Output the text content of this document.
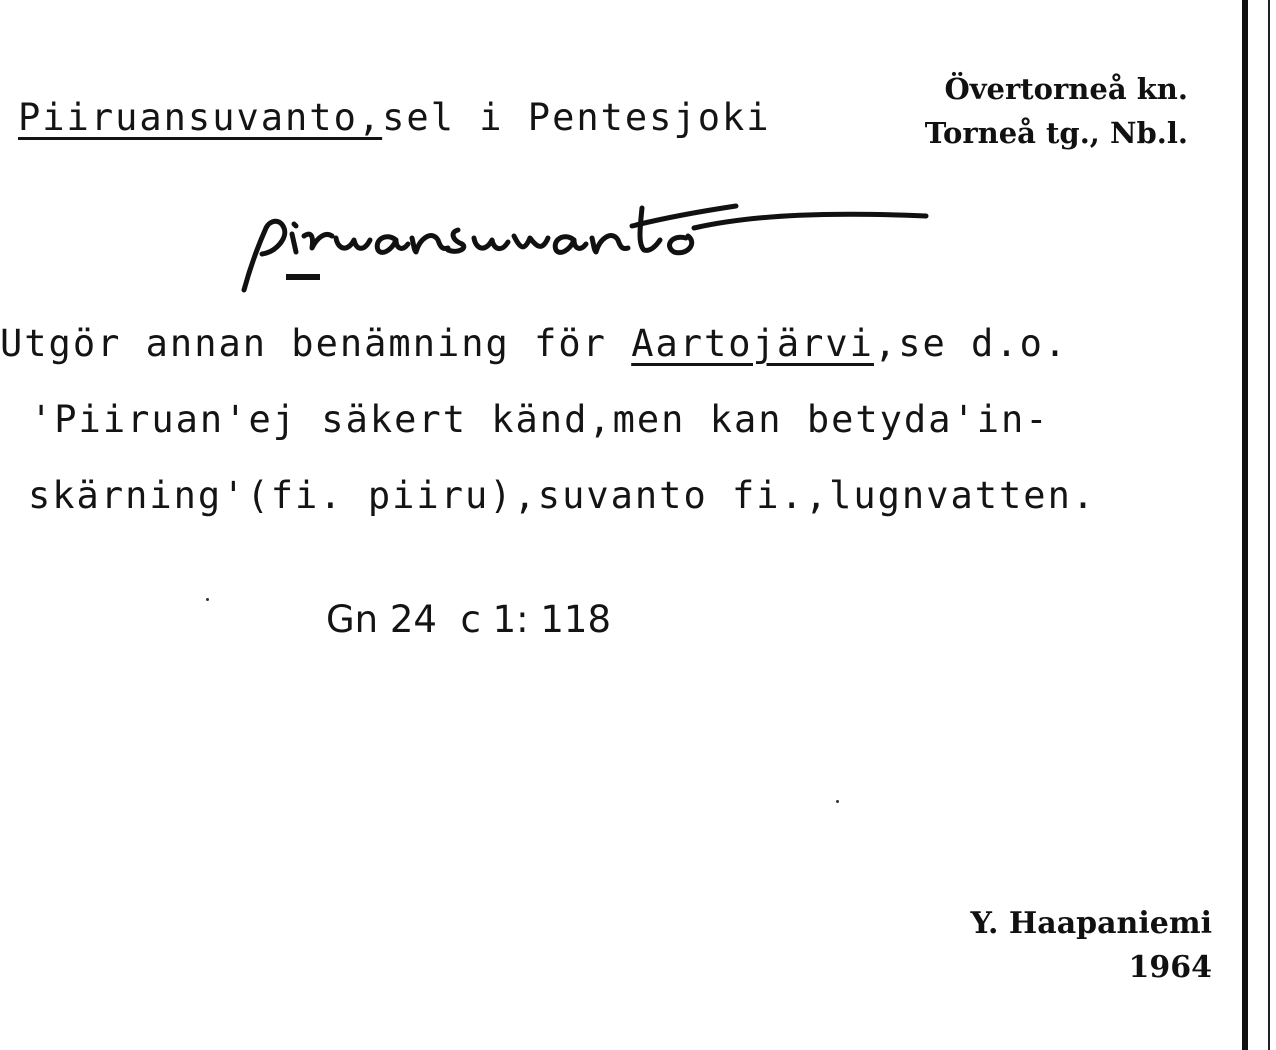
Piiruansuvanto,sel i Pentesjoki
Övertorneå kn.
Torneå tg., Nb.l.
Utgör annan benämning för Aartojärvi,se d.o.
'Piiruan'ej säkert känd,men kan betyda'in-
skärning'(fi. piiru),suvanto fi.,lugnvatten.
Gn 24  c 1: 118
Y. Haapaniemi
1964
